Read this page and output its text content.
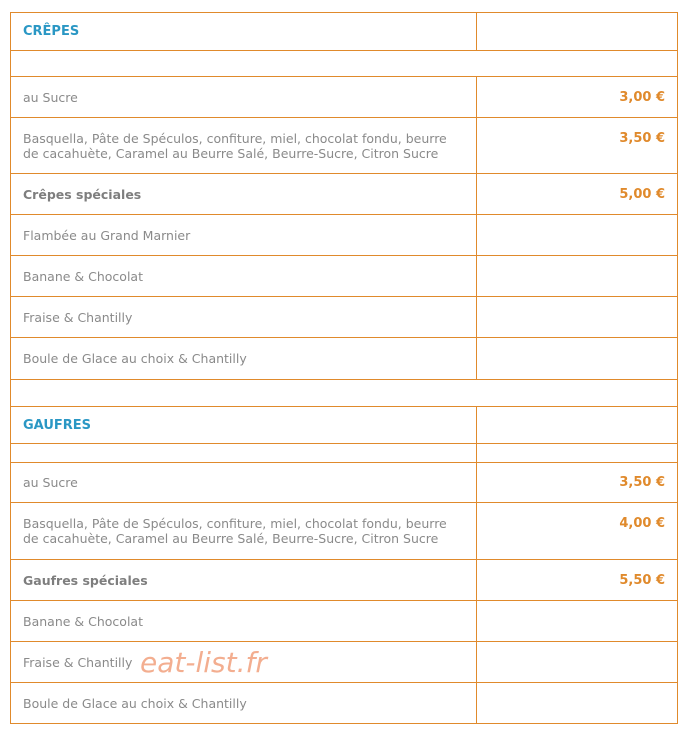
CRÊPES	

au Sucre	3,00 €
Basquella, Pâte de Spéculos, confiture, miel, chocolat fondu, beurre de cacahuète, Caramel au Beurre Salé, Beurre-Sucre, Citron Sucre	3,50 €
Crêpes spéciales	5,00 €
Flambée au Grand Marnier	
Banane & Chocolat	
Fraise & Chantilly	
Boule de Glace au choix & Chantilly	

GAUFRES	

au Sucre	3,50 €
Basquella, Pâte de Spéculos, confiture, miel, chocolat fondu, beurre de cacahuète, Caramel au Beurre Salé, Beurre-Sucre, Citron Sucre	4,00 €
Gaufres spéciales	5,50 €
Banane & Chocolat	
Fraise & Chantilly	
Boule de Glace au choix & Chantilly	
eat-list.fr
